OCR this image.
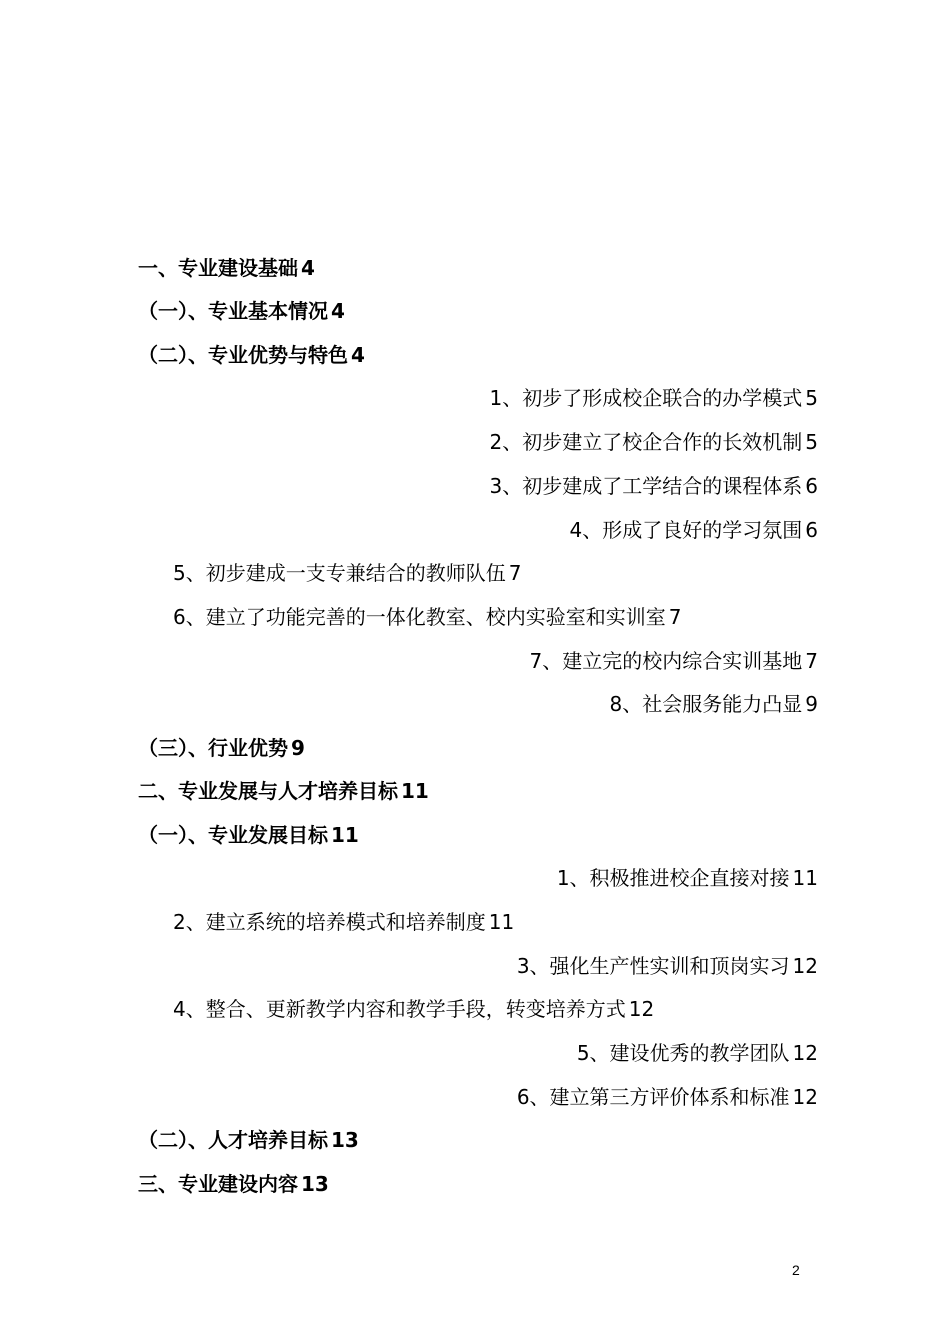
一、专业建设基础 4
（一）、专业基本情况 4
（二）、专业优势与特色 4
1、初步了形成校企联合的办学模式 5
2、初步建立了校企合作的长效机制 5
3、初步建成了工学结合的课程体系 6
4、形成了良好的学习氛围 6
5、初步建成一支专兼结合的教师队伍 7
6、建立了功能完善的一体化教室、校内实验室和实训室 7
7、建立完的校内综合实训基地 7
8、社会服务能力凸显 9
（三）、行业优势 9
二、专业发展与人才培养目标 11
（一）、专业发展目标 11
1、积极推进校企直接对接 11
2、建立系统的培养模式和培养制度 11
3、强化生产性实训和顶岗实习 12
4、整合、更新教学内容和教学手段，转变培养方式 12
5、建设优秀的教学团队 12
6、建立第三方评价体系和标准 12
（二）、人才培养目标 13
三、专业建设内容 13
2
